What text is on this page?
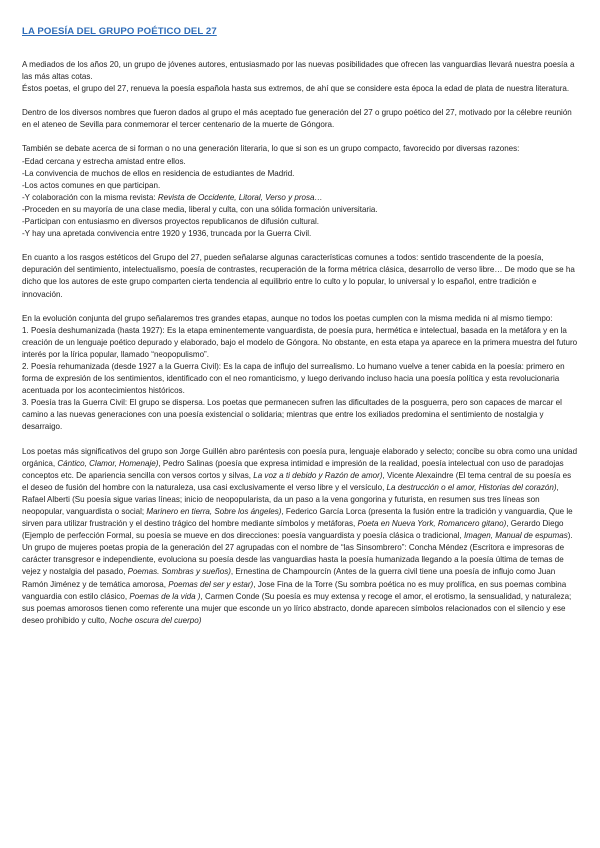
LA POESÍA DEL GRUPO POÉTICO DEL 27

A mediados de los años 20, un grupo de jóvenes autores, entusiasmado por las nuevas posibilidades que ofrecen las vanguardias llevará nuestra poesía a las más altas cotas.

Éstos poetas, el grupo del 27, renueva la poesía española hasta sus extremos, de ahí que se considere esta época la edad de plata de nuestra literatura.

Dentro de los diversos nombres que fueron dados al grupo el más aceptado fue generación del 27 o grupo poético del 27, motivado por la célebre reunión en el ateneo de Sevilla para conmemorar el tercer centenario de la muerte de Góngora.

También se debate acerca de si forman o no una generación literaria, lo que si son es un grupo compacto, favorecido por diversas razones:

-Edad cercana y estrecha amistad entre ellos.

-La convivencia de muchos de ellos en residencia de estudiantes de Madrid.

-Los actos comunes en que participan.

-Y colaboración con la misma revista: Revista de Occidente, Litoral, Verso y prosa…

-Proceden en su mayoría de una clase media, liberal y culta, con una sólida formación universitaria.

-Participan con entusiasmo en diversos proyectos republicanos de difusión cultural.

-Y hay una apretada convivencia entre 1920 y 1936, truncada por la Guerra Civil.

En cuanto a los rasgos estéticos del Grupo del 27, pueden señalarse algunas características comunes a todos: sentido trascendente de la poesía, depuración del sentimiento, intelectualismo, poesía de contrastes, recuperación de la forma métrica clásica, desarrollo de verso libre… De modo que se ha dicho que los autores de este grupo comparten cierta tendencia al equilibrio entre lo culto y lo popular, lo universal y lo español, entre tradición e innovación.

En la evolución conjunta del grupo señalaremos tres grandes etapas, aunque no todos los poetas cumplen con la misma medida ni al mismo tiempo:

1. Poesía deshumanizada (hasta 1927): Es la etapa eminentemente vanguardista, de poesía pura, hermética e intelectual, basada en la metáfora y en la creación de un lenguaje poético depurado y elaborado, bajo el modelo de Góngora. No obstante, en esta etapa ya aparece en la primera muestra del futuro interés por la lírica popular, llamado “neopopulismo”.

2. Poesía rehumanizada (desde 1927 a la Guerra Civil): Es la capa de influjo del surrealismo. Lo humano vuelve a tener cabida en la poesía: primero en forma de expresión de los sentimientos, identificado con el neo romanticismo, y luego derivando incluso hacia una poesía política y esta revolucionaria acentuada por los acontecimientos históricos.

3. Poesía tras la Guerra Civil: El grupo se dispersa. Los poetas que permanecen sufren las dificultades de la posguerra, pero son capaces de marcar el camino a las nuevas generaciones con una poesía existencial o solidaria; mientras que entre los exiliados predomina el sentimiento de nostalgia y desarraigo.

Los poetas más significativos del grupo son Jorge Guillén abro paréntesis con poesía pura, lenguaje elaborado y selecto; concibe su obra como una unidad orgánica, Cántico, Clamor, Homenaje), Pedro Salinas (poesía que expresa intimidad e impresión de la realidad, poesía intelectual con uso de paradojas conceptos etc. De apariencia sencilla con versos cortos y silvas, La voz a ti debido y Razón de amor), Vicente Alexaindre (El tema central de su poesía es el deseo de fusión del hombre con la naturaleza, usa casi exclusivamente el verso libre y el versículo, La destrucción o el amor, Historias del corazón), Rafael Alberti (Su poesía sigue varias líneas; inicio de neopopularista, da un paso a la vena gongorina y futurista, en resumen sus tres líneas son neopopular, vanguardista o social; Marinero en tierra, Sobre los ángeles), Federico García Lorca (presenta la fusión entre la tradición y vanguardia, Que le sirven para utilizar frustración y el destino trágico del hombre mediante símbolos y metáforas, Poeta en Nueva York, Romancero gitano), Gerardo Diego (Ejemplo de perfección Formal, su poesía se mueve en dos direcciones: poesía vanguardista y poesía clásica o tradicional, Imagen, Manual de espumas).

Un grupo de mujeres poetas propia de la generación del 27 agrupadas con el nombre de “las Sinsombrero”: Concha Méndez (Escritora e impresoras de carácter transgresor e independiente, evoluciona su poesía desde las vanguardias hasta la poesía humanizada llegando a la poesía última de temas de vejez y nostalgia del pasado, Poemas. Sombras y sueños), Ernestina de Champourcín (Antes de la guerra civil tiene una poesía de influjo como Juan Ramón Jiménez y de temática amorosa, Poemas del ser y estar), Jose Fina de la Torre (Su sombra poética no es muy prolífica, en sus poemas combina vanguardia con estilo clásico, Poemas de la vida ), Carmen Conde (Su poesía es muy extensa y recoge el amor, el erotismo, la sensualidad, y naturaleza; sus poemas amorosos tienen como referente una mujer que esconde un yo lírico abstracto, donde aparecen símbolos relacionados con el silencio y ese deseo prohibido y culto, Noche oscura del cuerpo)
